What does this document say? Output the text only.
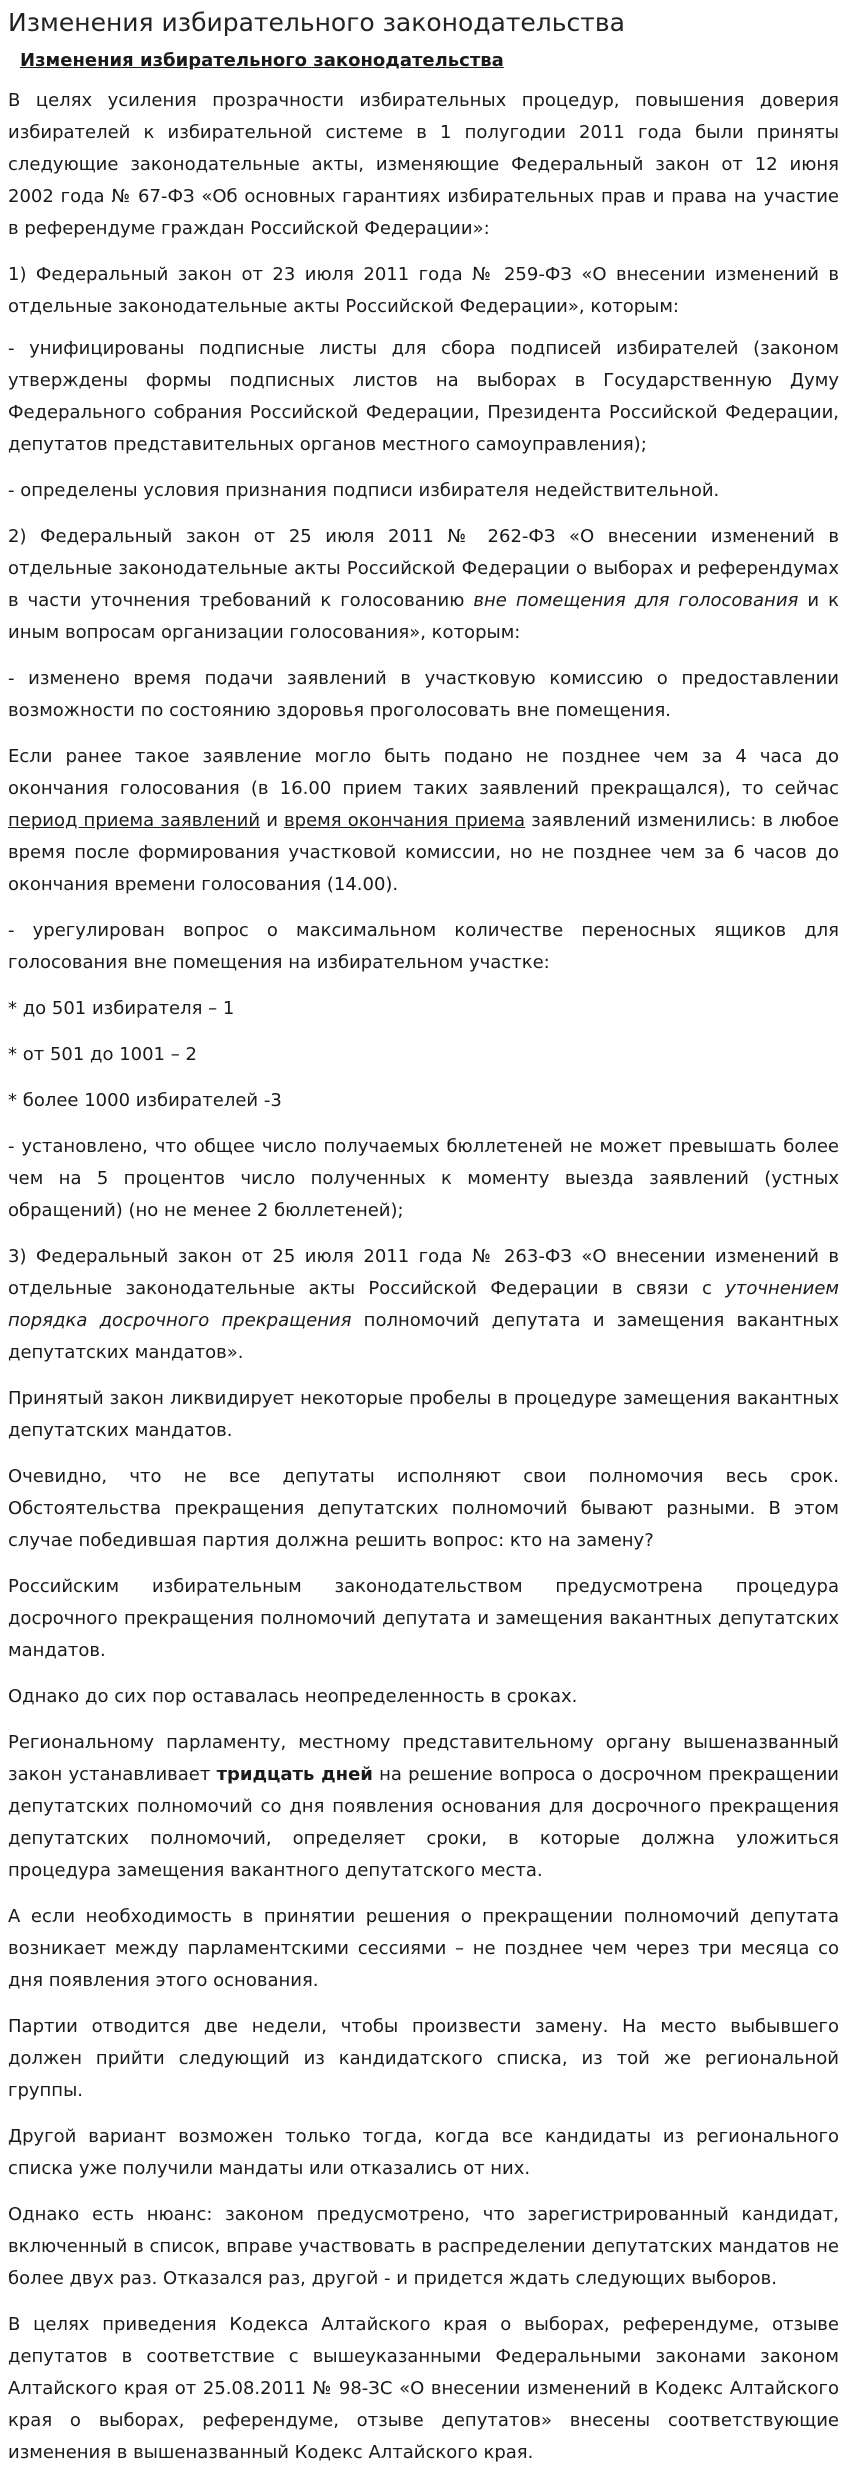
Изменения избирательного законодательства
Изменения избирательного законодательства

В целях усиления прозрачности избирательных процедур, повышения доверия избирателей к избирательной системе в 1 полугодии 2011 года были приняты следующие законодательные акты, изменяющие Федеральный закон от 12 июня 2002 года № 67-ФЗ «Об основных гарантиях избирательных прав и права на участие в референдуме граждан Российской Федерации»:

1) Федеральный закон от 23 июля 2011 года № 259-ФЗ «О внесении изменений в отдельные законодательные акты Российской Федерации», которым:

- унифицированы подписные листы для сбора подписей избирателей (законом утверждены формы подписных листов на выборах в Государственную Думу Федерального собрания Российской Федерации, Президента Российской Федерации, депутатов представительных органов местного самоуправления);

- определены условия признания подписи избирателя недействительной.

2) Федеральный закон от 25 июля 2011 № 262-ФЗ «О внесении изменений в отдельные законодательные акты Российской Федерации о выборах и референдумах в части уточнения требований к голосованию вне помещения для голосования и к иным вопросам организации голосования», которым:

- изменено время подачи заявлений в участковую комиссию о предоставлении возможности по состоянию здоровья проголосовать вне помещения.

Если ранее такое заявление могло быть подано не позднее чем за 4 часа до окончания голосования (в 16.00 прием таких заявлений прекращался), то сейчас период приема заявлений и время окончания приема заявлений изменились: в любое время после формирования участковой комиссии, но не позднее чем за 6 часов до окончания времени голосования (14.00).

- урегулирован вопрос о максимальном количестве переносных ящиков для голосования вне помещения на избирательном участке:

* до 501 избирателя – 1

* от 501 до 1001 – 2

* более 1000 избирателей -3

- установлено, что общее число получаемых бюллетеней не может превышать более чем на 5 процентов число полученных к моменту выезда заявлений (устных обращений) (но не менее 2 бюллетеней);

3) Федеральный закон от 25 июля 2011 года № 263-ФЗ «О внесении изменений в отдельные законодательные акты Российской Федерации в связи с уточнением порядка досрочного прекращения полномочий депутата и замещения вакантных депутатских мандатов».

Принятый закон ликвидирует некоторые пробелы в процедуре замещения вакантных депутатских мандатов.

Очевидно, что не все депутаты исполняют свои полномочия весь срок. Обстоятельства прекращения депутатских полномочий бывают разными. В этом случае победившая партия должна решить вопрос: кто на замену?

Российским избирательным законодательством предусмотрена процедура досрочного прекращения полномочий депутата и замещения вакантных депутатских мандатов.

Однако до сих пор оставалась неопределенность в сроках.

Региональному парламенту, местному представительному органу вышеназванный закон устанавливает тридцать дней на решение вопроса о досрочном прекращении депутатских полномочий со дня появления основания для досрочного прекращения депутатских полномочий, определяет сроки, в которые должна уложиться процедура замещения вакантного депутатского места.

А если необходимость в принятии решения о прекращении полномочий депутата возникает между парламентскими сессиями – не позднее чем через три месяца со дня появления этого основания.

Партии отводится две недели, чтобы произвести замену. На место выбывшего должен прийти следующий из кандидатского списка, из той же региональной группы.

Другой вариант возможен только тогда, когда все кандидаты из регионального списка уже получили мандаты или отказались от них.

Однако есть нюанс: законом предусмотрено, что зарегистрированный кандидат, включенный в список, вправе участвовать в распределении депутатских мандатов не более двух раз. Отказался раз, другой - и придется ждать следующих выборов.

В целях приведения Кодекса Алтайского края о выборах, референдуме, отзыве депутатов в соответствие с вышеуказанными Федеральными законами законом Алтайского края от 25.08.2011 № 98-ЗС «О внесении изменений в Кодекс Алтайского края о выборах, референдуме, отзыве депутатов» внесены соответствующие изменения в вышеназванный Кодекс Алтайского края.
